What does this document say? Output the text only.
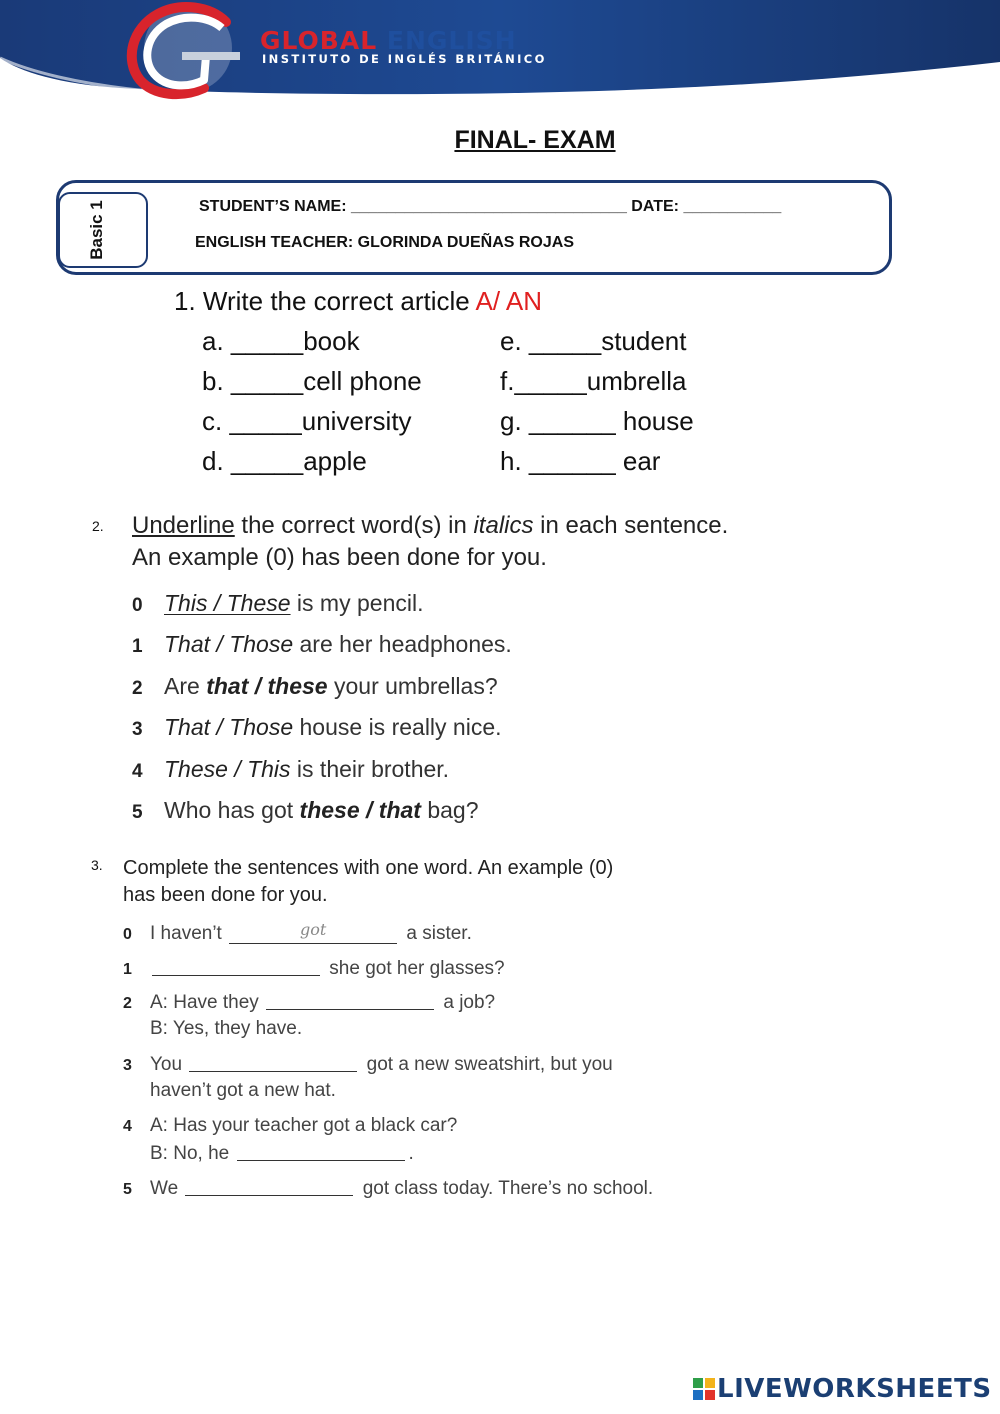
GLOBAL ENGLISH
INSTITUTO DE INGLÉS BRITÁNICO
FINAL- EXAM
Basic 1	STUDENT’S NAME: _______________________________ DATE: ___________
ENGLISH TEACHER: GLORINDA DUEÑAS ROJAS
1. Write the correct article A/ AN
a. _____book
b. _____cell phone
c. _____university
d. _____apple
e. _____student
f._____umbrella
g. ______ house
h. ______ ear
2. Underline the correct word(s) in italics in each sentence.
An example (0) has been done for you.
0 This / These is my pencil.
1 That / Those are her headphones.
2 Are that / these your umbrellas?
3 That / Those house is really nice.
4 These / This is their brother.
5 Who has got these / that bag?
3. Complete the sentences with one word. An example (0)
has been done for you.
0 I haven’t	$^{got}$	a sister.
1	she got her glasses?
2 A: Have they	a job?
B: Yes, they have.
3 You	got a new sweatshirt, but you
haven’t got a new hat.
4 A: Has your teacher got a black car?
B: No, he	.
5 We	got class today. There’s no school.
LIVEWORKSHEETS
